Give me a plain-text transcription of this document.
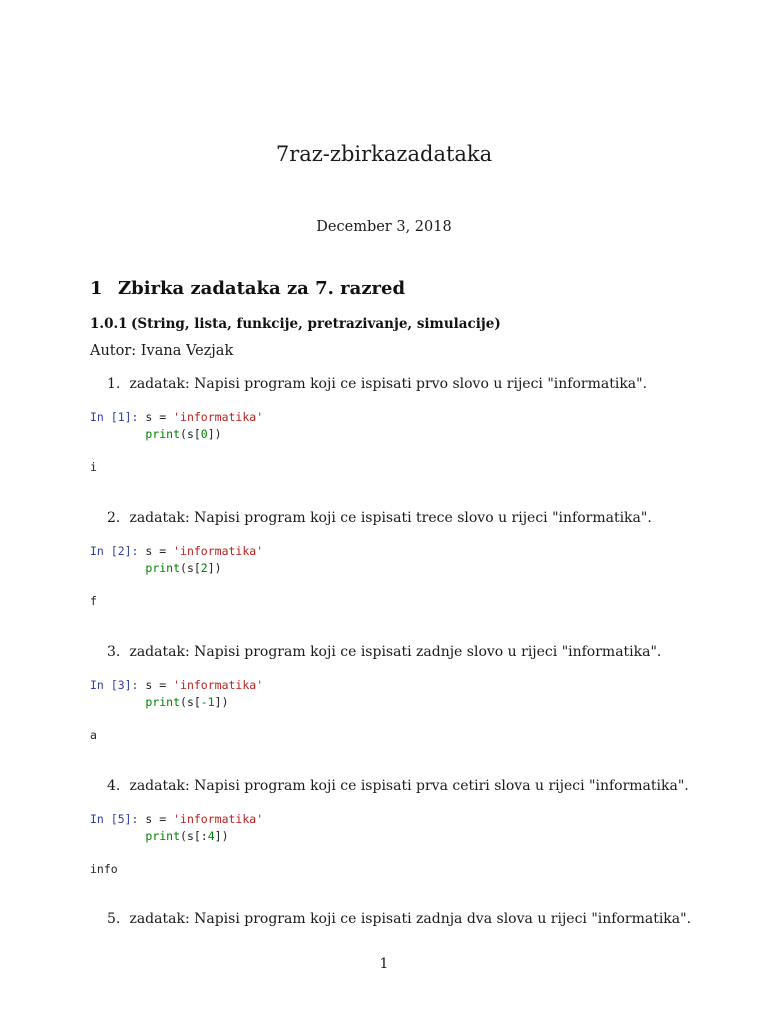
7raz-zbirkazadataka
December 3, 2018
1 Zbirka zadataka za 7. razred
1.0.1 (String, lista, funkcije, pretrazivanje, simulacije)
Autor: Ivana Vezjak
1. zadatak: Napisi program koji ce ispisati prvo slovo u rijeci "informatika".
In [1]: s = 'informatika'
print(s[0])
i
2. zadatak: Napisi program koji ce ispisati trece slovo u rijeci "informatika".
In [2]: s = 'informatika'
print(s[2])
f
3. zadatak: Napisi program koji ce ispisati zadnje slovo u rijeci "informatika".
In [3]: s = 'informatika'
print(s[-1])
a
4. zadatak: Napisi program koji ce ispisati prva cetiri slova u rijeci "informatika".
In [5]: s = 'informatika'
print(s[:4])
info
5. zadatak: Napisi program koji ce ispisati zadnja dva slova u rijeci "informatika".
1
